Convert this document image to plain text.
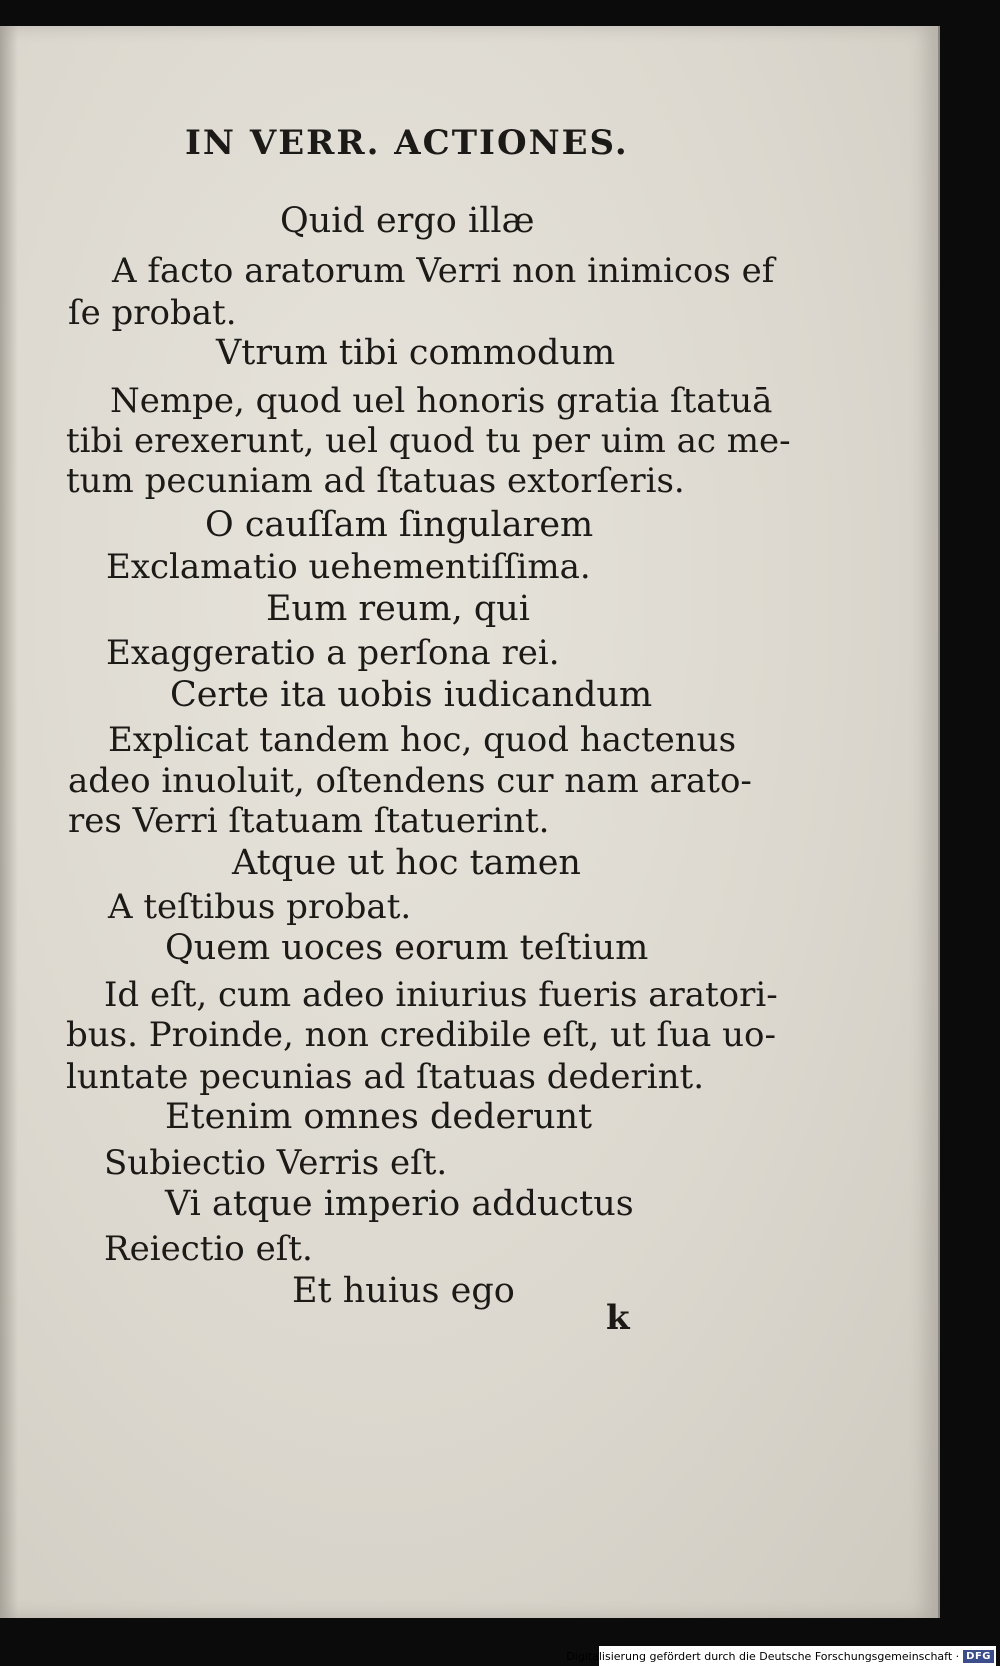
IN VERR. ACTIONES.

Quid ergo illæ

A facto aratorum Verri non inimicos ef

ſe probat.

Vtrum tibi commodum

Nempe, quod uel honoris gratia ſtatuā

tibi erexerunt, uel quod tu per uim ac me-

tum pecuniam ad ſtatuas extorſeris.

O cauſſam ſingularem

Exclamatio uehementiſſima.

Eum reum, qui

Exaggeratio a perſona rei.

Certe ita uobis iudicandum

Explicat tandem hoc, quod hactenus

adeo inuoluit, oſtendens cur nam arato-

res Verri ſtatuam ſtatuerint.

Atque ut hoc tamen

A teſtibus probat.

Quem uoces eorum teſtium

Id eſt, cum adeo iniurius fueris aratori-

bus. Proinde, non credibile eſt, ut ſua uo-

luntate pecunias ad ſtatuas dederint.

Etenim omnes dederunt

Subiectio Verris eſt.

Vi atque imperio adductus

Reiectio eſt.

Et huius ego

k

Digitalisierung gefördert durch die Deutsche Forschungsgemeinschaft · DFG
